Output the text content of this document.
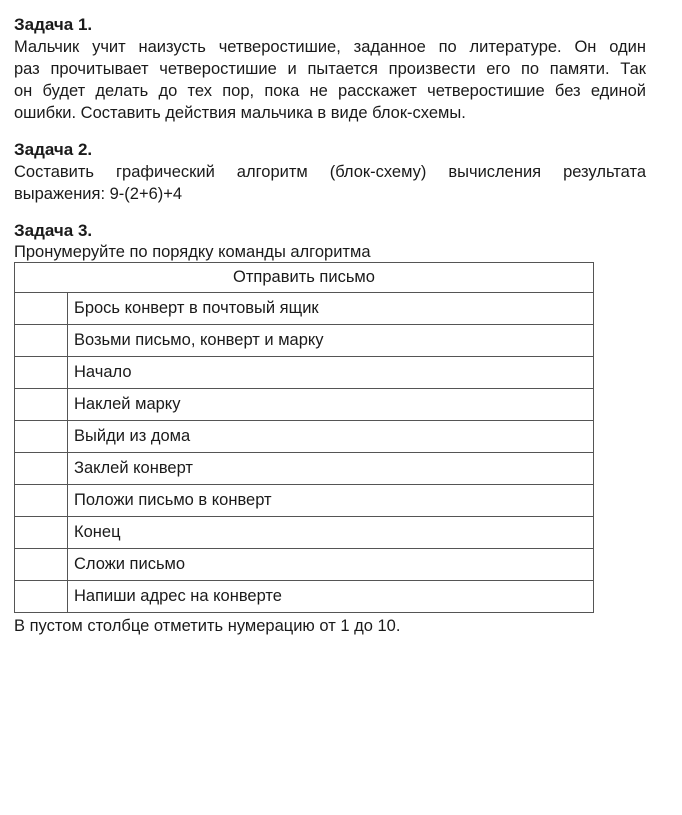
Задача 1.

Мальчик учит наизусть четверостишие, заданное по литературе. Он один
раз прочитывает четверостишие и пытается произвести его по памяти. Так
он будет делать до тех пор, пока не расскажет четверостишие без единой
ошибки. Составить действия мальчика в виде блок-схемы.

Задача 2.

Составить графический алгоритм (блок-схему) вычисления результата
выражения: 9-(2+6)+4

Задача 3.

Пронумеруйте по порядку команды алгоритма

Отправить письмо	
	Брось конверт в почтовый ящик
	Возьми письмо, конверт и марку
	Начало
	Наклей марку
	Выйди из дома
	Заклей конверт
	Положи письмо в конверт
	Конец
	Сложи письмо
	Напиши адрес на конверте

В пустом столбце отметить нумерацию от 1 до 10.
